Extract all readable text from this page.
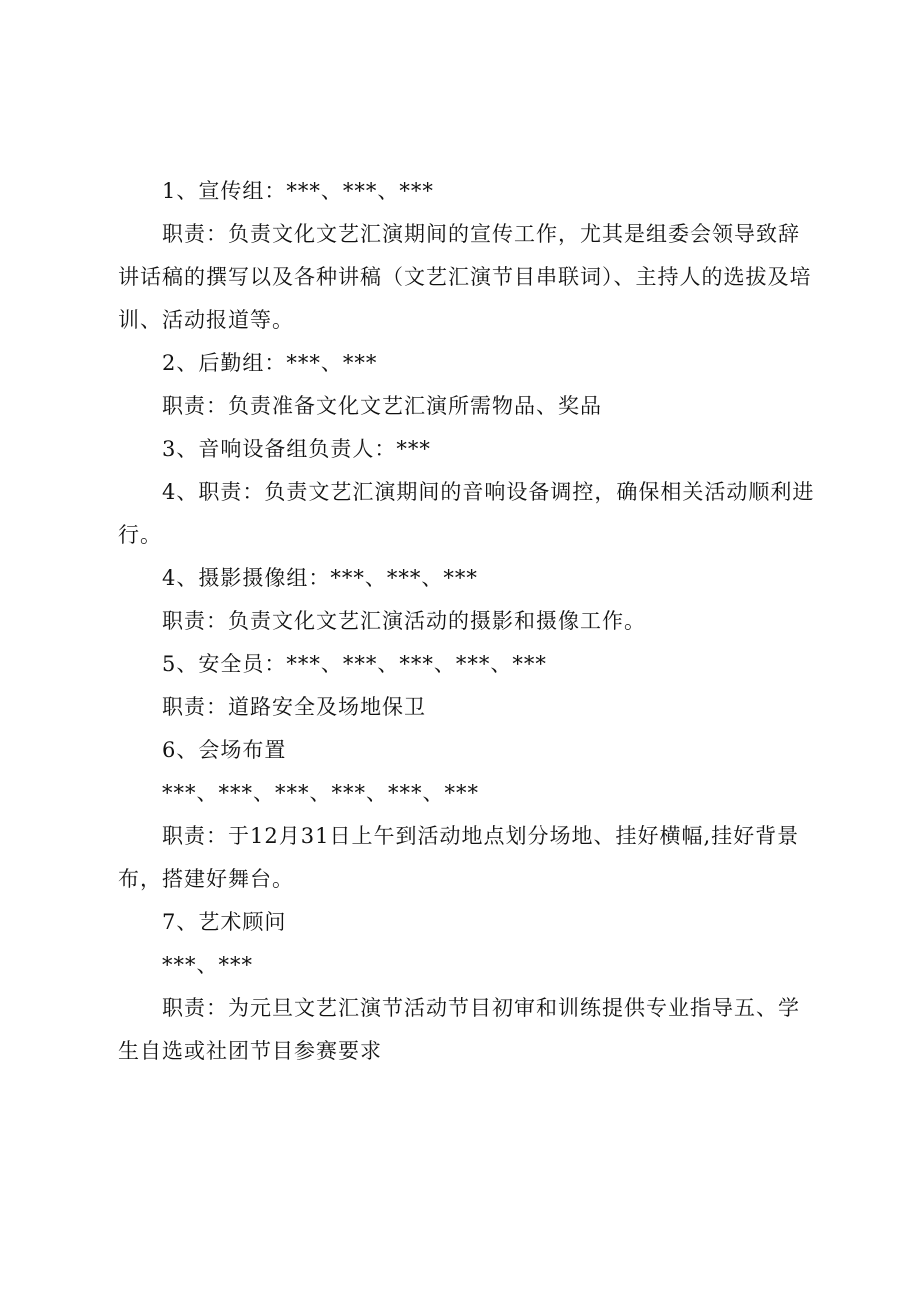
1、宣传组：***、***、***

职责：负责文化文艺汇演期间的宣传工作，尤其是组委会领导致辞讲话稿的撰写以及各种讲稿（文艺汇演节目串联词）、主持人的选拔及培训、活动报道等。

2、后勤组：***、***

职责：负责准备文化文艺汇演所需物品、奖品

3、音响设备组负责人：***

4、职责：负责文艺汇演期间的音响设备调控，确保相关活动顺利进行。

4、摄影摄像组：***、***、***

职责：负责文化文艺汇演活动的摄影和摄像工作。

5、安全员：***、***、***、***、***

职责：道路安全及场地保卫

6、会场布置

***、***、***、***、***、***

职责：于12月31日上午到活动地点划分场地、挂好横幅,挂好背景布，搭建好舞台。

7、艺术顾问

***、***

职责：为元旦文艺汇演节活动节目初审和训练提供专业指导五、学生自选或社团节目参赛要求
